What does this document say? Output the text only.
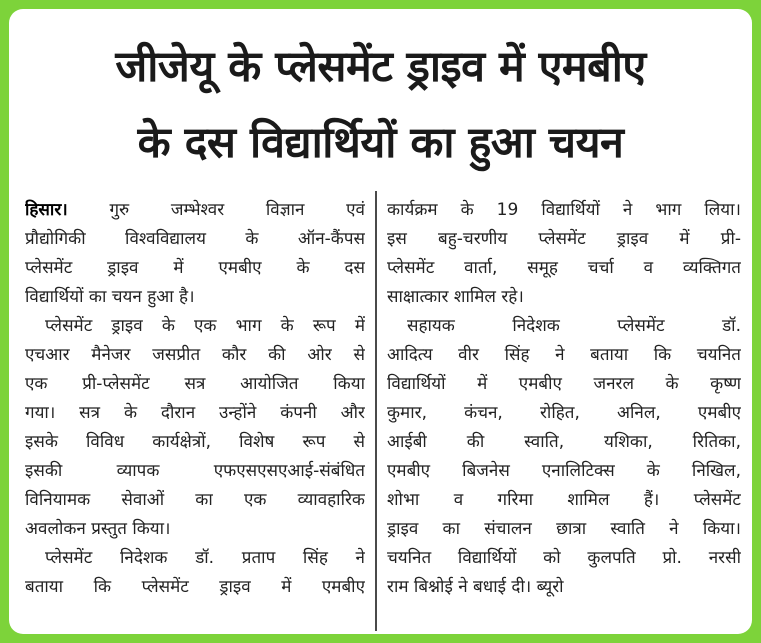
जीजेयू के प्लेसमेंट ड्राइव में एमबीए
के दस विद्यार्थियों का हुआ चयन
हिसार। गुरु जम्भेश्वर विज्ञान एवं
प्रौद्योगिकी विश्वविद्यालय के ऑन-कैंपस
प्लेसमेंट ड्राइव में एमबीए के दस
विद्यार्थियों का चयन हुआ है।
प्लेसमेंट ड्राइव के एक भाग के रूप में
एचआर मैनेजर जसप्रीत कौर की ओर से
एक प्री-प्लेसमेंट सत्र आयोजित किया
गया। सत्र के दौरान उन्होंने कंपनी और
इसके विविध कार्यक्षेत्रों, विशेष रूप से
इसकी व्यापक एफएसएसएआई-संबंधित
विनियामक सेवाओं का एक व्यावहारिक
अवलोकन प्रस्तुत किया।
प्लेसमेंट निदेशक डॉ. प्रताप सिंह ने
बताया कि प्लेसमेंट ड्राइव में एमबीए
कार्यक्रम के 19 विद्यार्थियों ने भाग लिया।
इस बहु-चरणीय प्लेसमेंट ड्राइव में प्री-
प्लेसमेंट वार्ता, समूह चर्चा व व्यक्तिगत
साक्षात्कार शामिल रहे।
सहायक निदेशक प्लेसमेंट डॉ.
आदित्य वीर सिंह ने बताया कि चयनित
विद्यार्थियों में एमबीए जनरल के कृष्ण
कुमार, कंचन, रोहित, अनिल, एमबीए
आईबी की स्वाति, यशिका, रितिका,
एमबीए बिजनेस एनालिटिक्स के निखिल,
शोभा व गरिमा शामिल हैं। प्लेसमेंट
ड्राइव का संचालन छात्रा स्वाति ने किया।
चयनित विद्यार्थियों को कुलपति प्रो. नरसी
राम बिश्नोई ने बधाई दी। ब्यूरो
